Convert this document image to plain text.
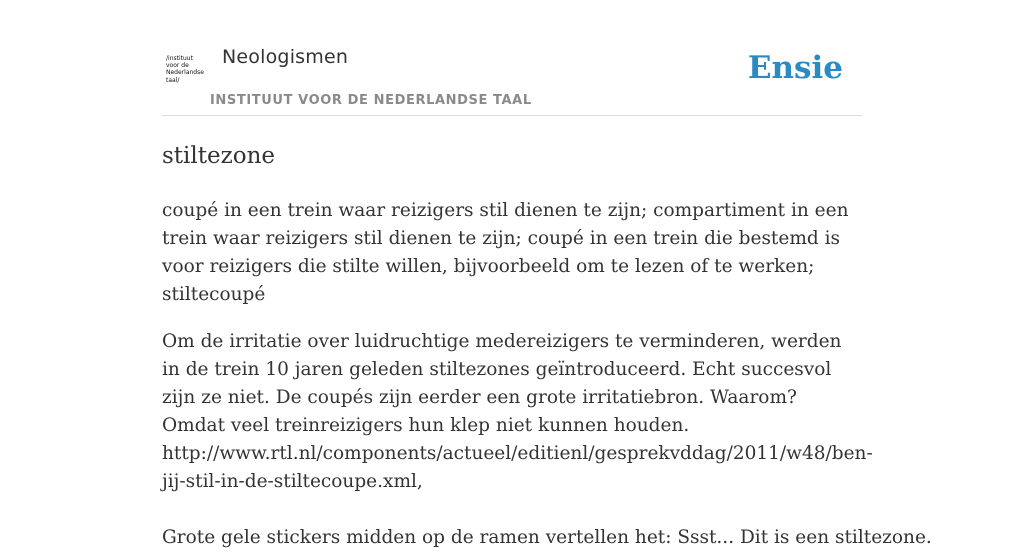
/instituut
voor de
Nederlandse
taal/
Neologismen
INSTITUUT VOOR DE NEDERLANDSE TAAL
Ensie
stiltezone

coupé in een trein waar reizigers stil dienen te zijn; compartiment in een trein waar reizigers stil dienen te zijn; coupé in een trein die bestemd is voor reizigers die stilte willen, bijvoorbeeld om te lezen of te werken; stiltecoupé

Om de irritatie over luidruchtige medereizigers te verminderen, werden in de trein 10 jaren geleden stiltezones geïntroduceerd. Echt succesvol zijn ze niet. De coupés zijn eerder een grote irritatiebron. Waarom? Omdat veel treinreizigers hun klep niet kunnen houden.
http://www.rtl.nl/components/actueel/editienl/gesprekvddag/2011/w48/ben-jij-stil-in-de-stiltecoupe.xml,

Grote gele stickers midden op de ramen vertellen het: Ssst... Dit is een stiltezone.
